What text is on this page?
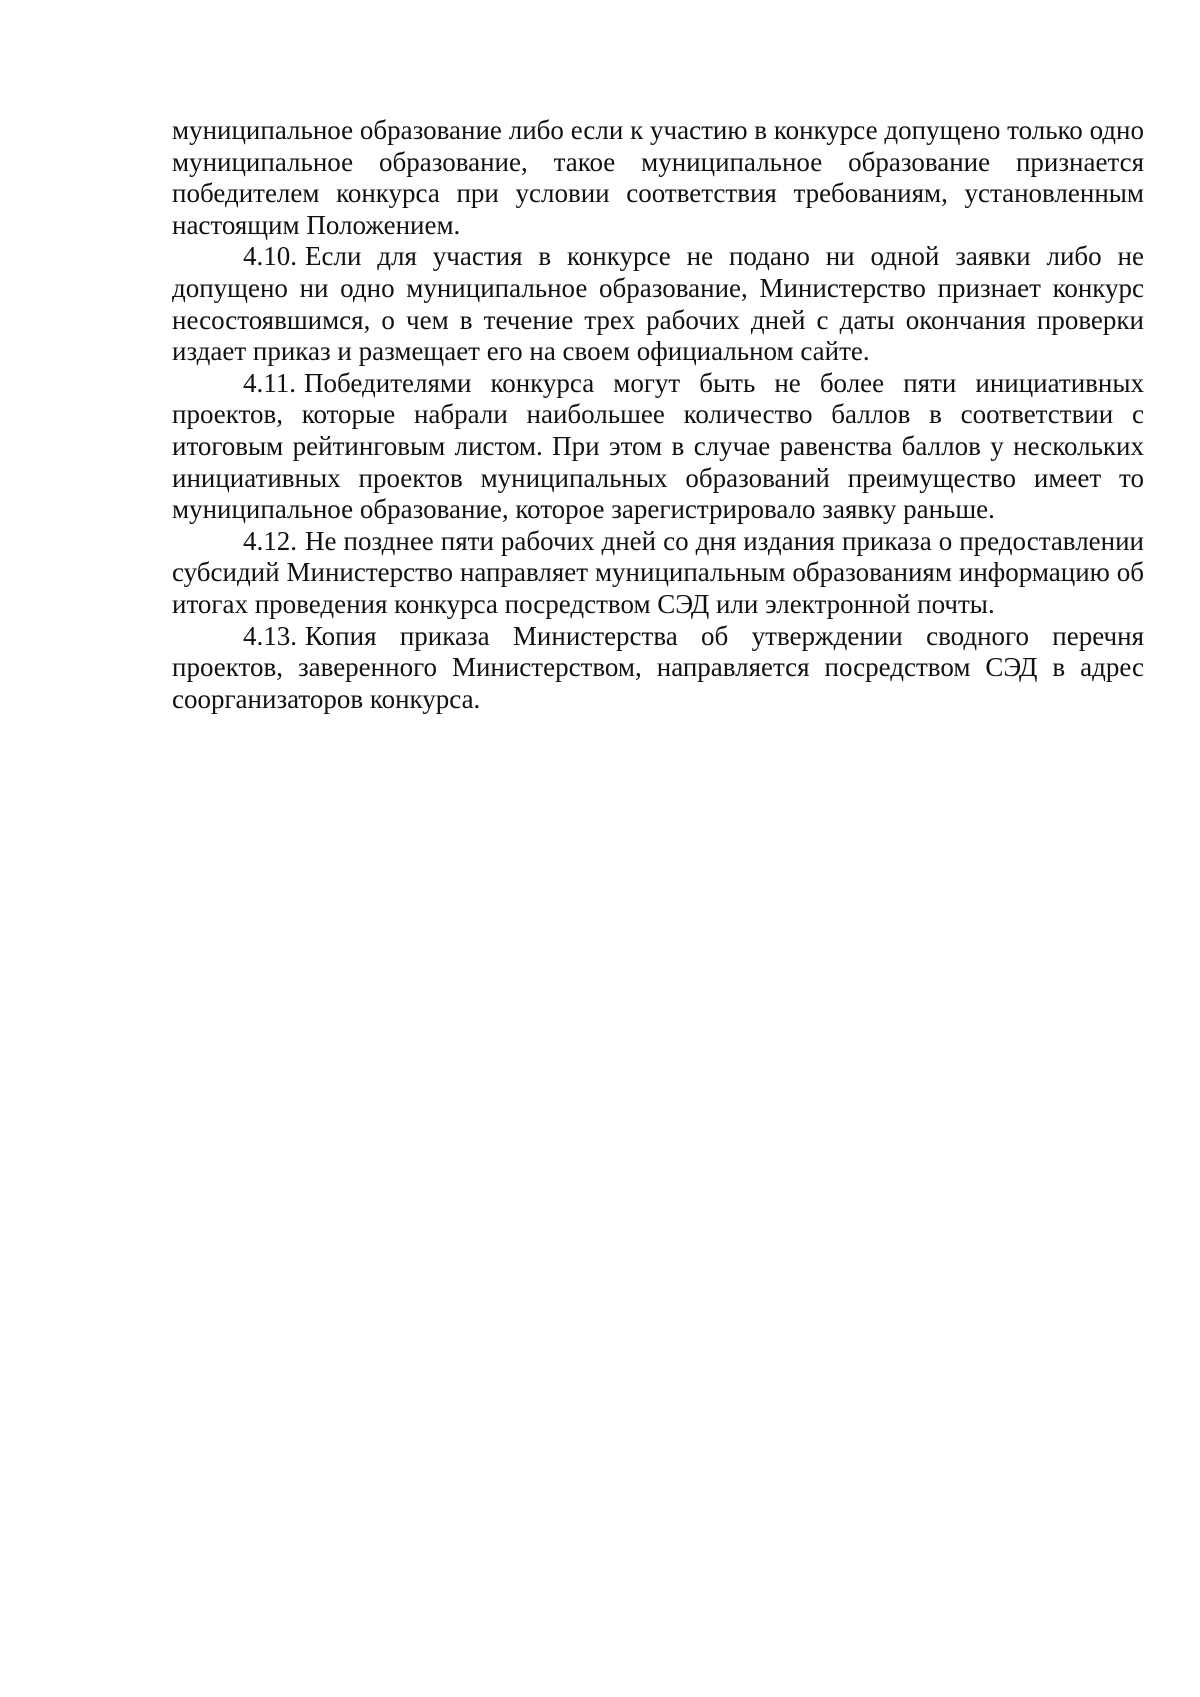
муниципальное образование либо если к участию в конкурсе допущено только одно муниципальное образование, такое муниципальное образование признается победителем конкурса при условии соответствия требованиям, установленным настоящим Положением.

4.10. Если для участия в конкурсе не подано ни одной заявки либо не допущено ни одно муниципальное образование, Министерство признает конкурс несостоявшимся, о чем в течение трех рабочих дней с даты окончания проверки издает приказ и размещает его на своем официальном сайте.

4.11. Победителями конкурса могут быть не более пяти инициативных проектов, которые набрали наибольшее количество баллов в соответствии с итоговым рейтинговым листом. При этом в случае равенства баллов у нескольких инициативных проектов муниципальных образований преимущество имеет то муниципальное образование, которое зарегистрировало заявку раньше.

4.12. Не позднее пяти рабочих дней со дня издания приказа о предоставлении субсидий Министерство направляет муниципальным образованиям информацию об итогах проведения конкурса посредством СЭД или электронной почты.

4.13. Копия приказа Министерства об утверждении сводного перечня проектов, заверенного Министерством, направляется посредством СЭД в адрес соорганизаторов конкурса.
